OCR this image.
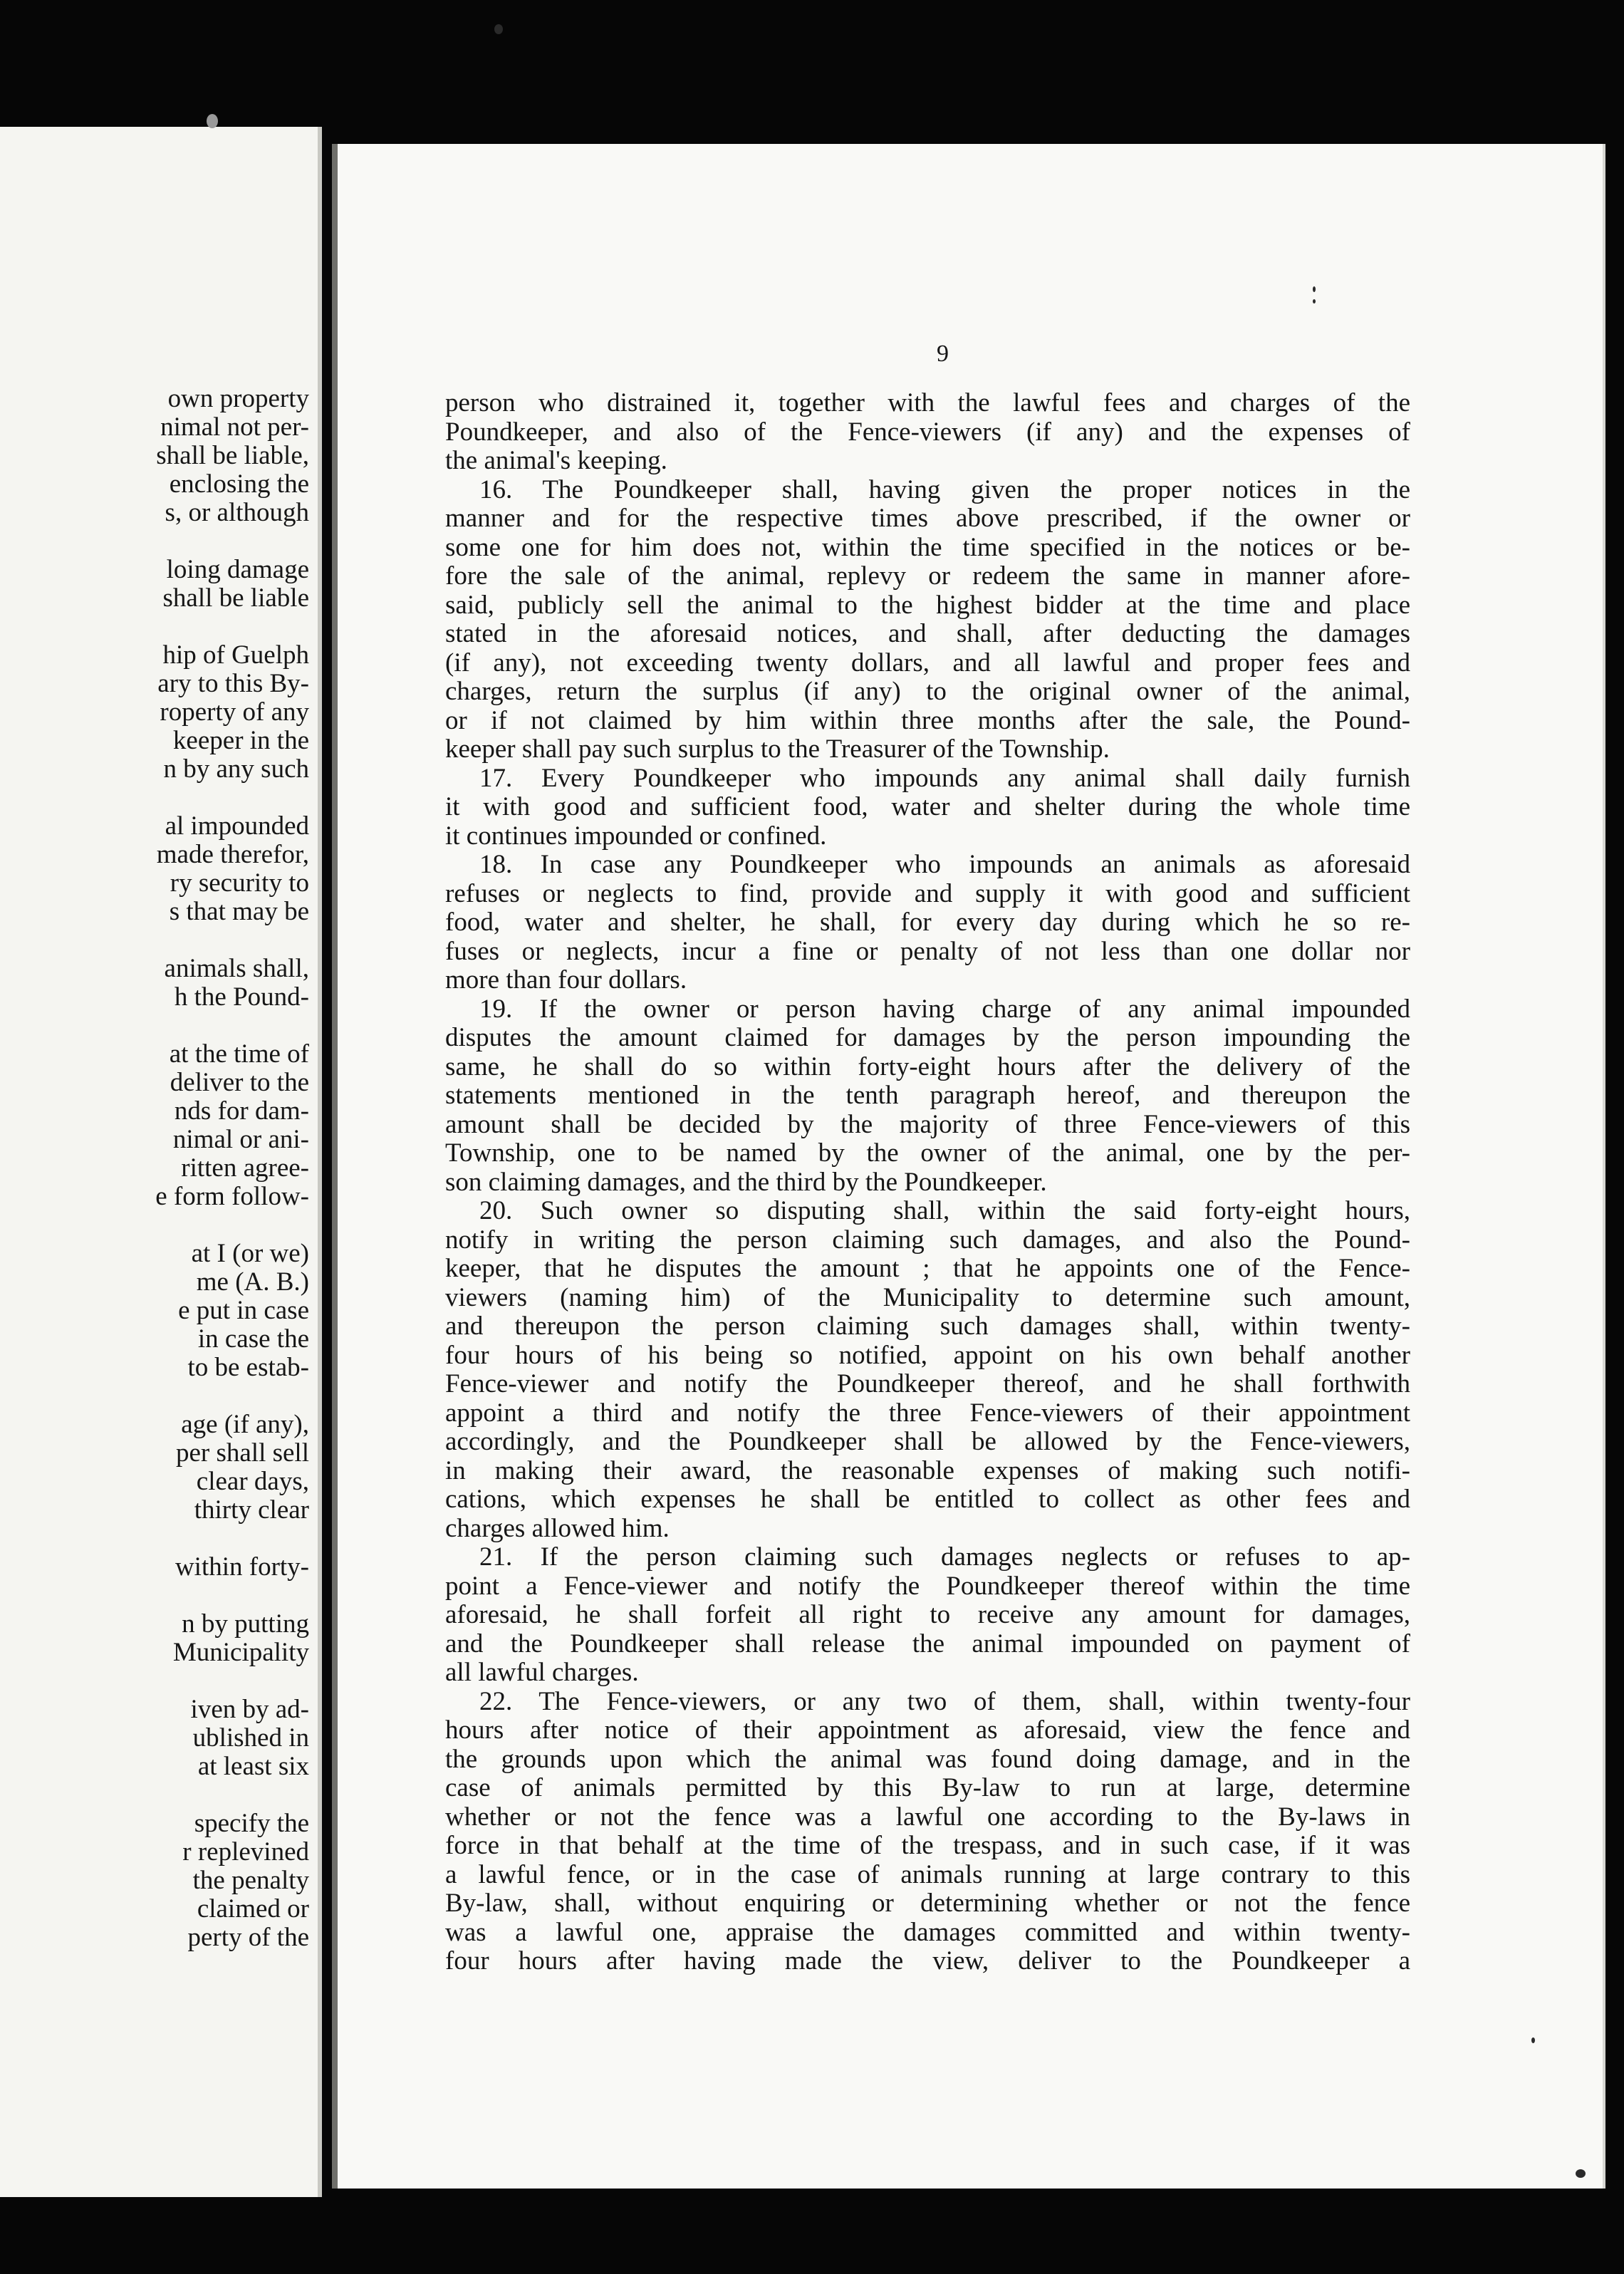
own property
nimal not per-
shall be liable,
enclosing the
s, or although
loing damage
shall be liable
hip of Guelph
ary to this By-
roperty of any
keeper in the
n by any such
al impounded
made therefor,
ry security to
s that may be
animals shall,
h the Pound-
at the time of
deliver to the
nds for dam-
nimal or ani-
ritten agree-
e form follow-
at I (or we)
me (A. B.)
e put in case
in case the
to be estab-
age (if any),
per shall sell
clear days,
thirty clear
within forty-
n by putting
Municipality
iven by ad-
ublished in
at least six
specify the
r replevined
the penalty
claimed or
perty of the
9
person who distrained it, together with the lawful fees and charges of the
Poundkeeper, and also of the Fence-viewers (if any) and the expenses of
the animal's keeping.
16. The Poundkeeper shall, having given the proper notices in the
manner and for the respective times above prescribed, if the owner or
some one for him does not, within the time specified in the notices or be-
fore the sale of the animal, replevy or redeem the same in manner afore-
said, publicly sell the animal to the highest bidder at the time and place
stated in the aforesaid notices, and shall, after deducting the damages
(if any), not exceeding twenty dollars, and all lawful and proper fees and
charges, return the surplus (if any) to the original owner of the animal,
or if not claimed by him within three months after the sale, the Pound-
keeper shall pay such surplus to the Treasurer of the Township.
17. Every Poundkeeper who impounds any animal shall daily furnish
it with good and sufficient food, water and shelter during the whole time
it continues impounded or confined.
18. In case any Poundkeeper who impounds an animals as aforesaid
refuses or neglects to find, provide and supply it with good and sufficient
food, water and shelter, he shall, for every day during which he so re-
fuses or neglects, incur a fine or penalty of not less than one dollar nor
more than four dollars.
19. If the owner or person having charge of any animal impounded
disputes the amount claimed for damages by the person impounding the
same, he shall do so within forty-eight hours after the delivery of the
statements mentioned in the tenth paragraph hereof, and thereupon the
amount shall be decided by the majority of three Fence-viewers of this
Township, one to be named by the owner of the animal, one by the per-
son claiming damages, and the third by the Poundkeeper.
20. Such owner so disputing shall, within the said forty-eight hours,
notify in writing the person claiming such damages, and also the Pound-
keeper, that he disputes the amount ; that he appoints one of the Fence-
viewers (naming him) of the Municipality to determine such amount,
and thereupon the person claiming such damages shall, within twenty-
four hours of his being so notified, appoint on his own behalf another
Fence-viewer and notify the Poundkeeper thereof, and he shall forthwith
appoint a third and notify the three Fence-viewers of their appointment
accordingly, and the Poundkeeper shall be allowed by the Fence-viewers,
in making their award, the reasonable expenses of making such notifi-
cations, which expenses he shall be entitled to collect as other fees and
charges allowed him.
21. If the person claiming such damages neglects or refuses to ap-
point a Fence-viewer and notify the Poundkeeper thereof within the time
aforesaid, he shall forfeit all right to receive any amount for damages,
and the Poundkeeper shall release the animal impounded on payment of
all lawful charges.
22. The Fence-viewers, or any two of them, shall, within twenty-four
hours after notice of their appointment as aforesaid, view the fence and
the grounds upon which the animal was found doing damage, and in the
case of animals permitted by this By-law to run at large, determine
whether or not the fence was a lawful one according to the By-laws in
force in that behalf at the time of the trespass, and in such case, if it was
a lawful fence, or in the case of animals running at large contrary to this
By-law, shall, without enquiring or determining whether or not the fence
was a lawful one, appraise the damages committed and within twenty-
four hours after having made the view, deliver to the Poundkeeper a
